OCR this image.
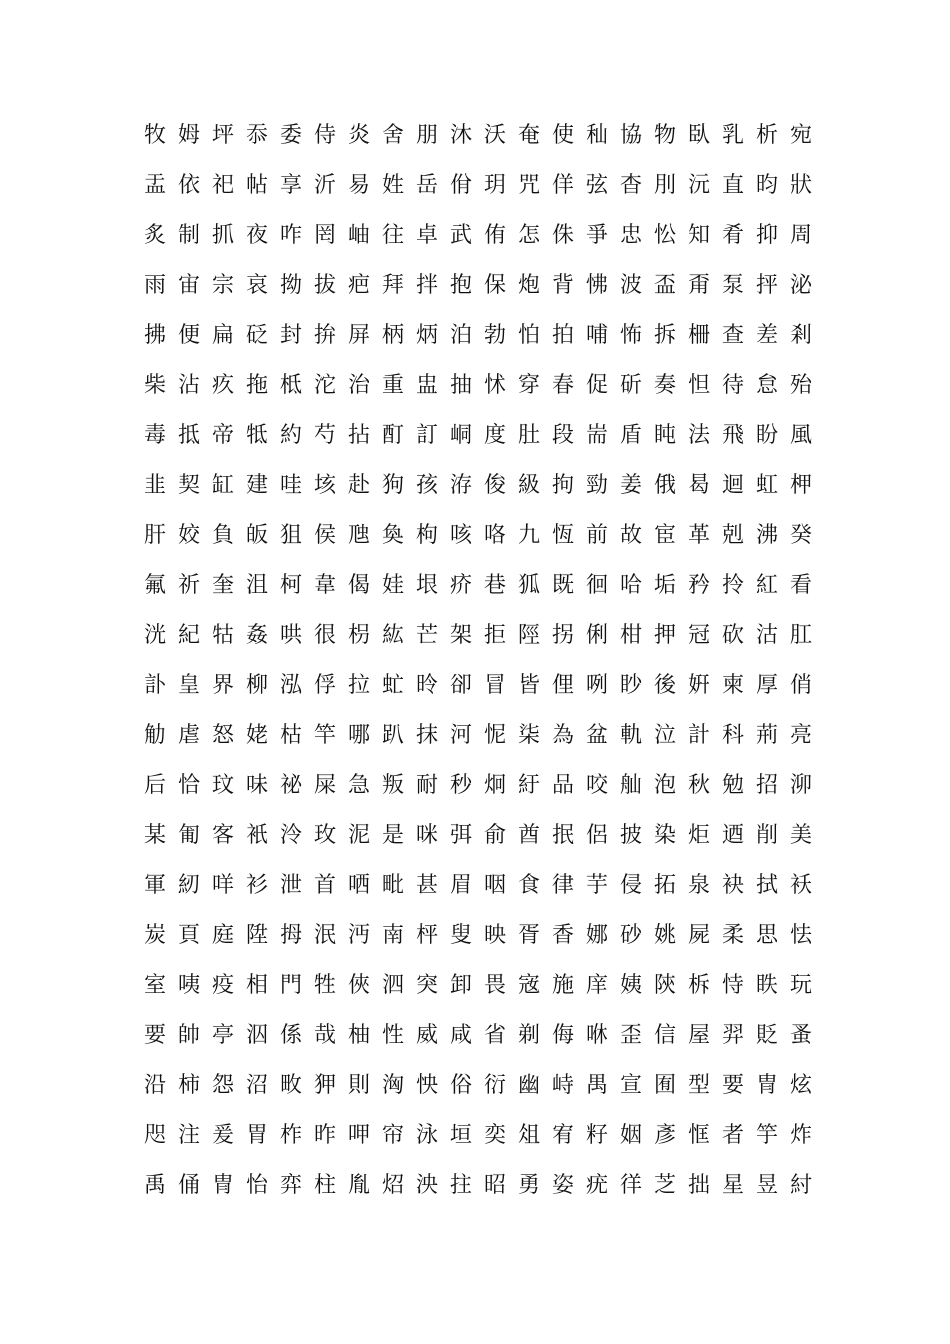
牧 姆 坪 忝 委 侍 炎 舍 朋 沐 沃 奄 使 秈 協 物 臥 乳 析 宛
盂 依 祀 帖 享 沂 易 姓 岳 佾 玥 咒 佯 弦 杳 刖 沅 直 昀 狀
炙 制 抓 夜 咋 罔 岫 往 卓 武 侑 怎 侏 爭 忠 忪 知 肴 抑 周
雨 宙 宗 哀 拗 拔 疤 拜 拌 抱 保 炮 背 怫 波 盃 甭 泵 抨 泌
拂 便 扁 砭 封 拚 屏 柄 炳 泊 勃 怕 拍 哺 怖 拆 柵 查 差 剎
柴 沾 疚 拖 柢 沱 治 重 盅 抽 怵 穿 春 促 斫 奏 怛 待 怠 殆
毒 抵 帝 牴 約 芍 拈 酊 訂 峒 度 肚 段 耑 盾 盹 法 飛 盼 風
韭 契 缸 建 哇 垓 赴 狗 孩 洊 俊 級 拘 勁 姜 俄 曷 迴 虹 柙
肝 姣 負 皈 狙 侯 虺 奐 枸 咳 咯 九 恆 前 故 宦 革 剋 沸 癸
氟 祈 奎 沮 柯 韋 偈 娃 垠 疥 巷 狐 既 徊 哈 垢 矜 拎 紅 看
洸 紀 牯 姦 哄 很 枴 紘 芒 架 拒 陘 拐 俐 柑 押 冠 砍 沽 肛
訃 皇 界 柳 泓 俘 拉 虻 昤 卻 冒 皆 俚 咧 眇 後 姸 柬 厚 俏
觔 虐 怒 姥 枯 竿 哪 趴 抹 河 怩 柒 為 盆 軌 泣 計 科 荊 亮
后 恰 玟 味 祕 屎 急 叛 耐 秒 炯 紆 品 咬 舢 泡 秋 勉 招 泖
某 匍 客 衹 泠 玫 泥 是 咪 弭 俞 酋 抿 侶 披 染 炬 迺 削 美
軍 紉 咩 衫 泄 首 哂 毗 甚 眉 咽 食 律 芋 侵 拓 泉 袂 拭 袄
炭 頁 庭 陞 拇 泯 沔 南 枰 叟 映 胥 香 娜 砂 姚 屍 柔 思 怯
室 咦 疫 相 門 牲 俠 泗 突 卸 畏 宼 施 庠 姨 陝 柝 恃 眣 玩
要 帥 亭 泅 係 哉 柚 性 威 咸 省 剃 侮 咻 歪 信 屋 羿 貶 蚤
沿 柿 怨 沼 畋 狎 則 洶 怏 俗 衍 幽 峙 禺 宣 囿 型 要 冑 炫
咫 注 爰 胃 柞 昨 呷 帘 泳 垣 奕 俎 宥 籽 姻 彥 恇 者 竽 炸
禹 俑 冑 怡 弈 柱 胤 炤 泱 拄 昭 勇 姿 疣 徉 芝 拙 星 昱 紂
